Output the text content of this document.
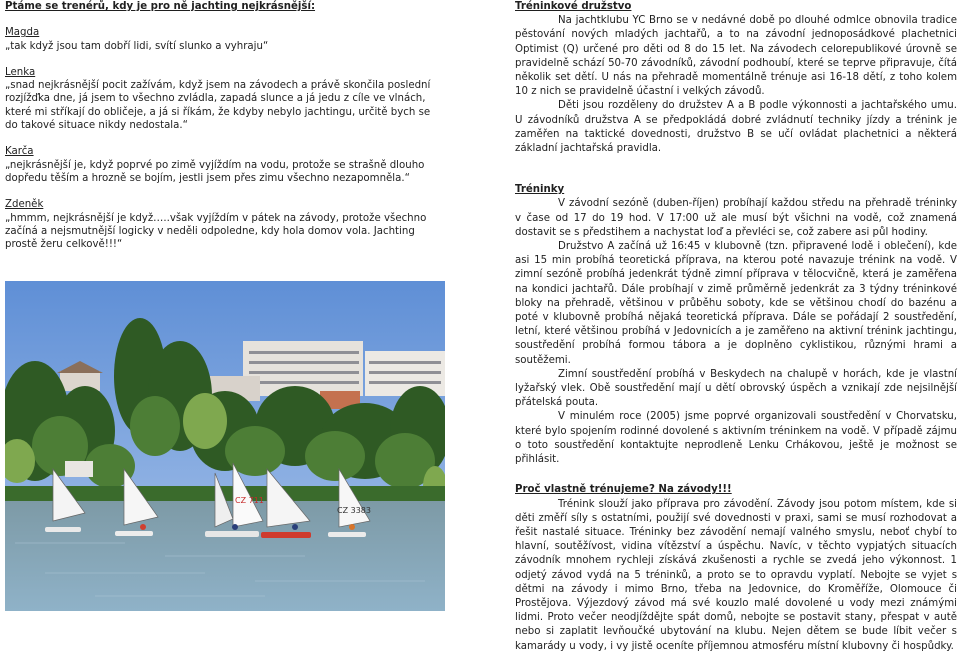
Ptáme se trenérů, kdy je pro ně jachting nejkrásnější:

Magda

„tak když jsou tam dobří lidi, svítí slunko a vyhraju“

Lenka

„snad nejkrásnější pocit zažívám, když jsem na závodech a právě skončila poslední rozjížďka dne, já jsem to všechno zvládla, zapadá slunce a já jedu z cíle ve vlnách, které mi stříkají do obličeje, a já si říkám, že kdyby nebylo jachtingu, určitě bych se do takové situace nikdy nedostala.“

Karča

„nejkrásnější je, když poprvé po zimě vyjíždím na vodu, protože se strašně dlouho dopředu těším a hrozně se bojím, jestli jsem přes zimu všechno nezapomněla.“

Zdeněk

„hmmm, nejkrásnější je když…..však vyjíždím v pátek na závody, protože všechno začíná a nejsmutnější logicky v neděli odpoledne, kdy hola domov vola. Jachting prostě žeru celkově!!!“

CZ 711
CZ 3383

Tréninkové družstvo

Na jachtklubu YC Brno se v nedávné době po dlouhé odmlce obnovila tradice pěstování nových mladých jachtařů, a to na závodní jednoposádkové plachetnici Optimist (Q) určené pro děti od 8 do 15 let. Na závodech celorepublikové úrovně se pravidelně schází 50-70 závodníků, závodní podhoubí, které se teprve připravuje, čítá několik set dětí. U nás na přehradě momentálně trénuje asi 16-18 dětí, z toho kolem 10 z nich se pravidelně účastní i velkých závodů.

Děti jsou rozděleny do družstev A a B podle výkonnosti a jachtařského umu. U závodníků družstva A se předpokládá dobré zvládnutí techniky jízdy a trénink je zaměřen na taktické dovednosti, družstvo B se učí ovládat plachetnici a některá základní jachtařská pravidla.

Tréninky

V závodní sezóně (duben-říjen) probíhají každou středu na přehradě tréninky v čase od 17 do 19 hod. V 17:00 už ale musí být všichni na vodě, což znamená dostavit se s předstihem a nachystat loď a převléci se, což zabere asi půl hodiny.

Družstvo A začíná už 16:45 v klubovně (tzn. připravené lodě i oblečení), kde asi 15 min probíhá teoretická příprava, na kterou poté navazuje trénink na vodě. V zimní sezóně probíhá jedenkrát týdně zimní příprava v tělocvičně, která je zaměřena na kondici jachtařů. Dále probíhají v zimě průměrně jedenkrát za 3 týdny tréninkové bloky na přehradě, většinou v průběhu soboty, kde se většinou chodí do bazénu a poté v klubovně probíhá nějaká teoretická příprava. Dále se pořádají 2 soustředění, letní, které většinou probíhá v Jedovnicích a je zaměřeno na aktivní trénink jachtingu, soustředění probíhá formou tábora a je doplněno cyklistikou, různými hrami a soutěžemi.

Zimní soustředění probíhá v Beskydech na chalupě v horách, kde je vlastní lyžařský vlek. Obě soustředění mají u dětí obrovský úspěch a vznikají zde nejsilnější přátelská pouta.

V minulém roce (2005) jsme poprvé organizovali soustředění v Chorvatsku, které bylo spojením rodinné dovolené s aktivním tréninkem na vodě. V případě zájmu o toto soustředění kontaktujte neprodleně Lenku Crhákovou, ještě je možnost se přihlásit.

Proč vlastně trénujeme? Na závody!!!

Trénink slouží jako příprava pro závodění. Závody jsou potom místem, kde si děti změří síly s ostatními, použijí své dovednosti v praxi, sami se musí rozhodovat a řešit nastalé situace. Tréninky bez závodění nemají valného smyslu, neboť chybí to hlavní, soutěžívost, vidina vítězství a úspěchu. Navíc, v těchto vypjatých situacích závodník mnohem rychleji získává zkušenosti a rychle se zvedá jeho výkonnost. 1 odjetý závod vydá na 5 tréninků, a proto se to opravdu vyplatí. Nebojte se vyjet s dětmi na závody i mimo Brno, třeba na Jedovnice, do Kroměříže, Olomouce či Prostějova. Výjezdový závod má své kouzlo malé dovolené u vody mezi známými lidmi. Proto večer neodjíždějte spát domů, nebojte se postavit stany, přespat v autě nebo si zaplatit levňoučké ubytování na klubu. Nejen dětem se bude líbit večer s kamarády u vody, i vy jistě oceníte příjemnou atmosféru místní klubovny či hospůdky.
